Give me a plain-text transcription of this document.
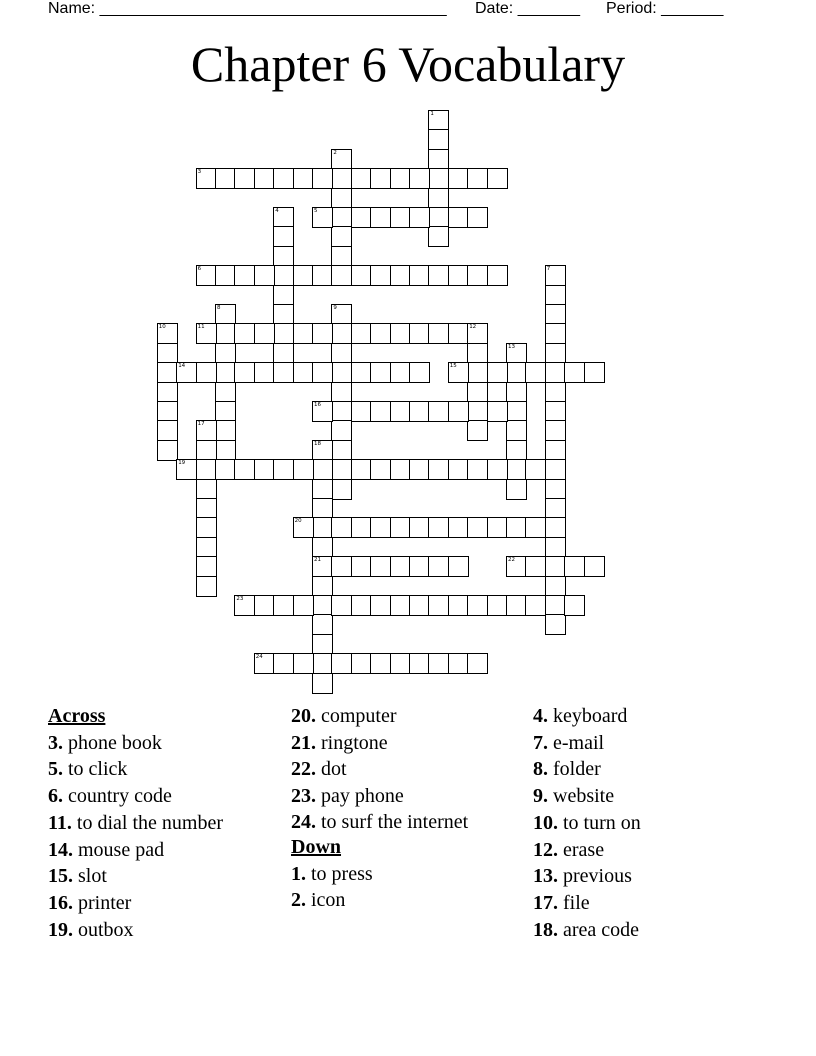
Name: _______________________________________ Date: _______ Period: _______
Chapter 6 Vocabulary
1
2
3
4	5
6	7
8	9
10	11	12
13
14	15
16
17
18
19
20
21	22
23
24
Across
3. phone book
5. to click
6. country code
11. to dial the number
14. mouse pad
15. slot
16. printer
19. outbox
20. computer
21. ringtone
22. dot
23. pay phone
24. to surf the internet
Down
1. to press
2. icon
4. keyboard
7. e-mail
8. folder
9. website
10. to turn on
12. erase
13. previous
17. file
18. area code
